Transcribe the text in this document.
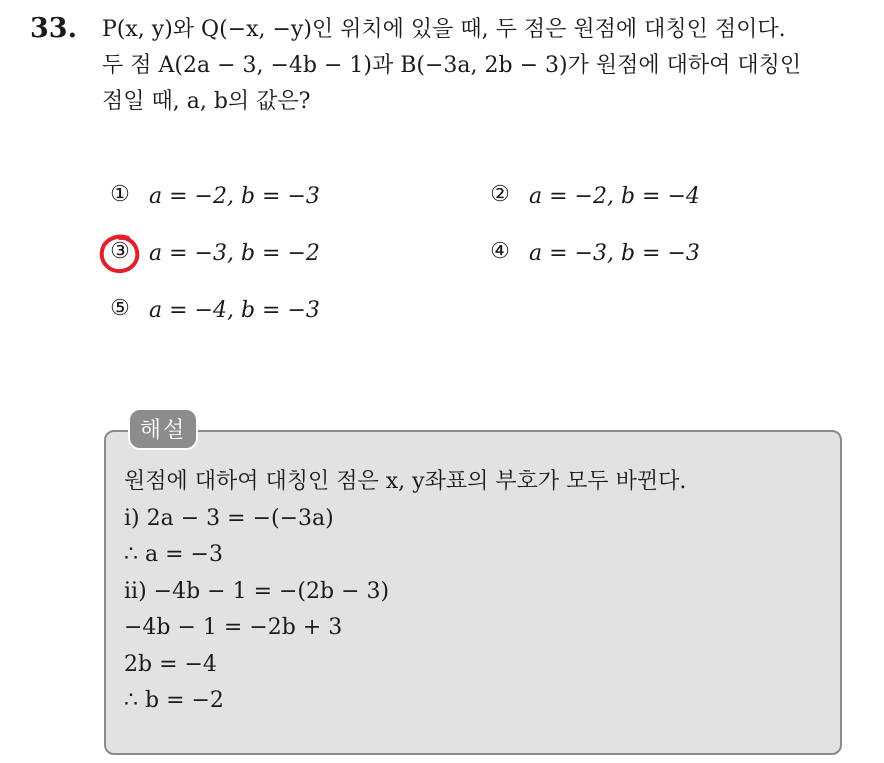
33. P(x, y)와 Q(−x, −y)인 위치에 있을 때, 두 점은 원점에 대칭인 점이다.
두 점 A(2a − 3, −4b − 1)과 B(−3a, 2b − 3)가 원점에 대하여 대칭인
점일 때, a, b의 값은?
① a = −2, b = −3	② a = −2, b = −4
③ a = −3, b = −2	④ a = −3, b = −3
⑤ a = −4, b = −3
해설
원점에 대하여 대칭인 점은 x, y좌표의 부호가 모두 바뀐다.
i) 2a − 3 = −(−3a)
∴ a = −3
ii) −4b − 1 = −(2b − 3)
−4b − 1 = −2b + 3
2b = −4
∴ b = −2
